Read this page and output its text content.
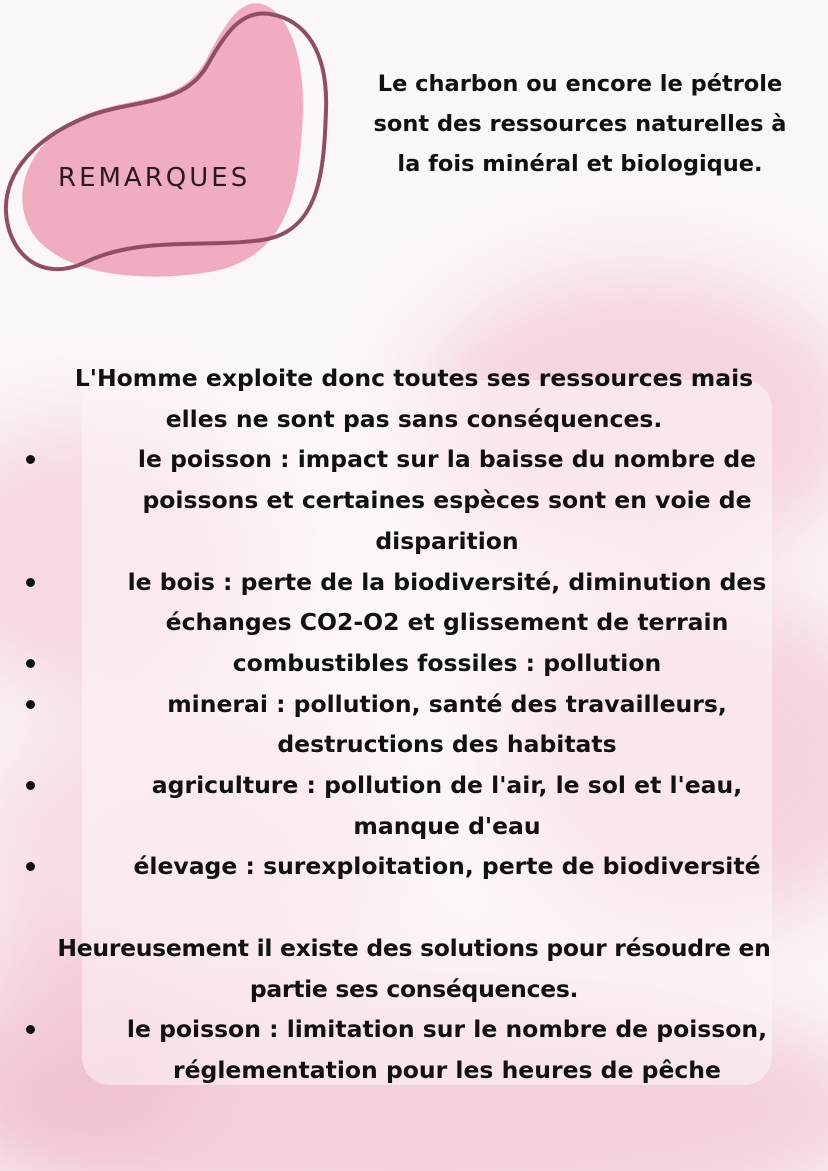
REMARQUES

Le charbon ou encore le pétrole
sont des ressources naturelles à
la fois minéral et biologique.

L'Homme exploite donc toutes ses ressources mais
elles ne sont pas sans conséquences.

le poisson : impact sur la baisse du nombre de
poissons et certaines espèces sont en voie de
disparition
le bois : perte de la biodiversité, diminution des
échanges CO2-O2 et glissement de terrain
combustibles fossiles : pollution
minerai : pollution, santé des travailleurs,
destructions des habitats
agriculture : pollution de l'air, le sol et l'eau,
manque d'eau
élevage : surexploitation, perte de biodiversité

Heureusement il existe des solutions pour résoudre en
partie ses conséquences.

le poisson : limitation sur le nombre de poisson,
réglementation pour les heures de pêche
